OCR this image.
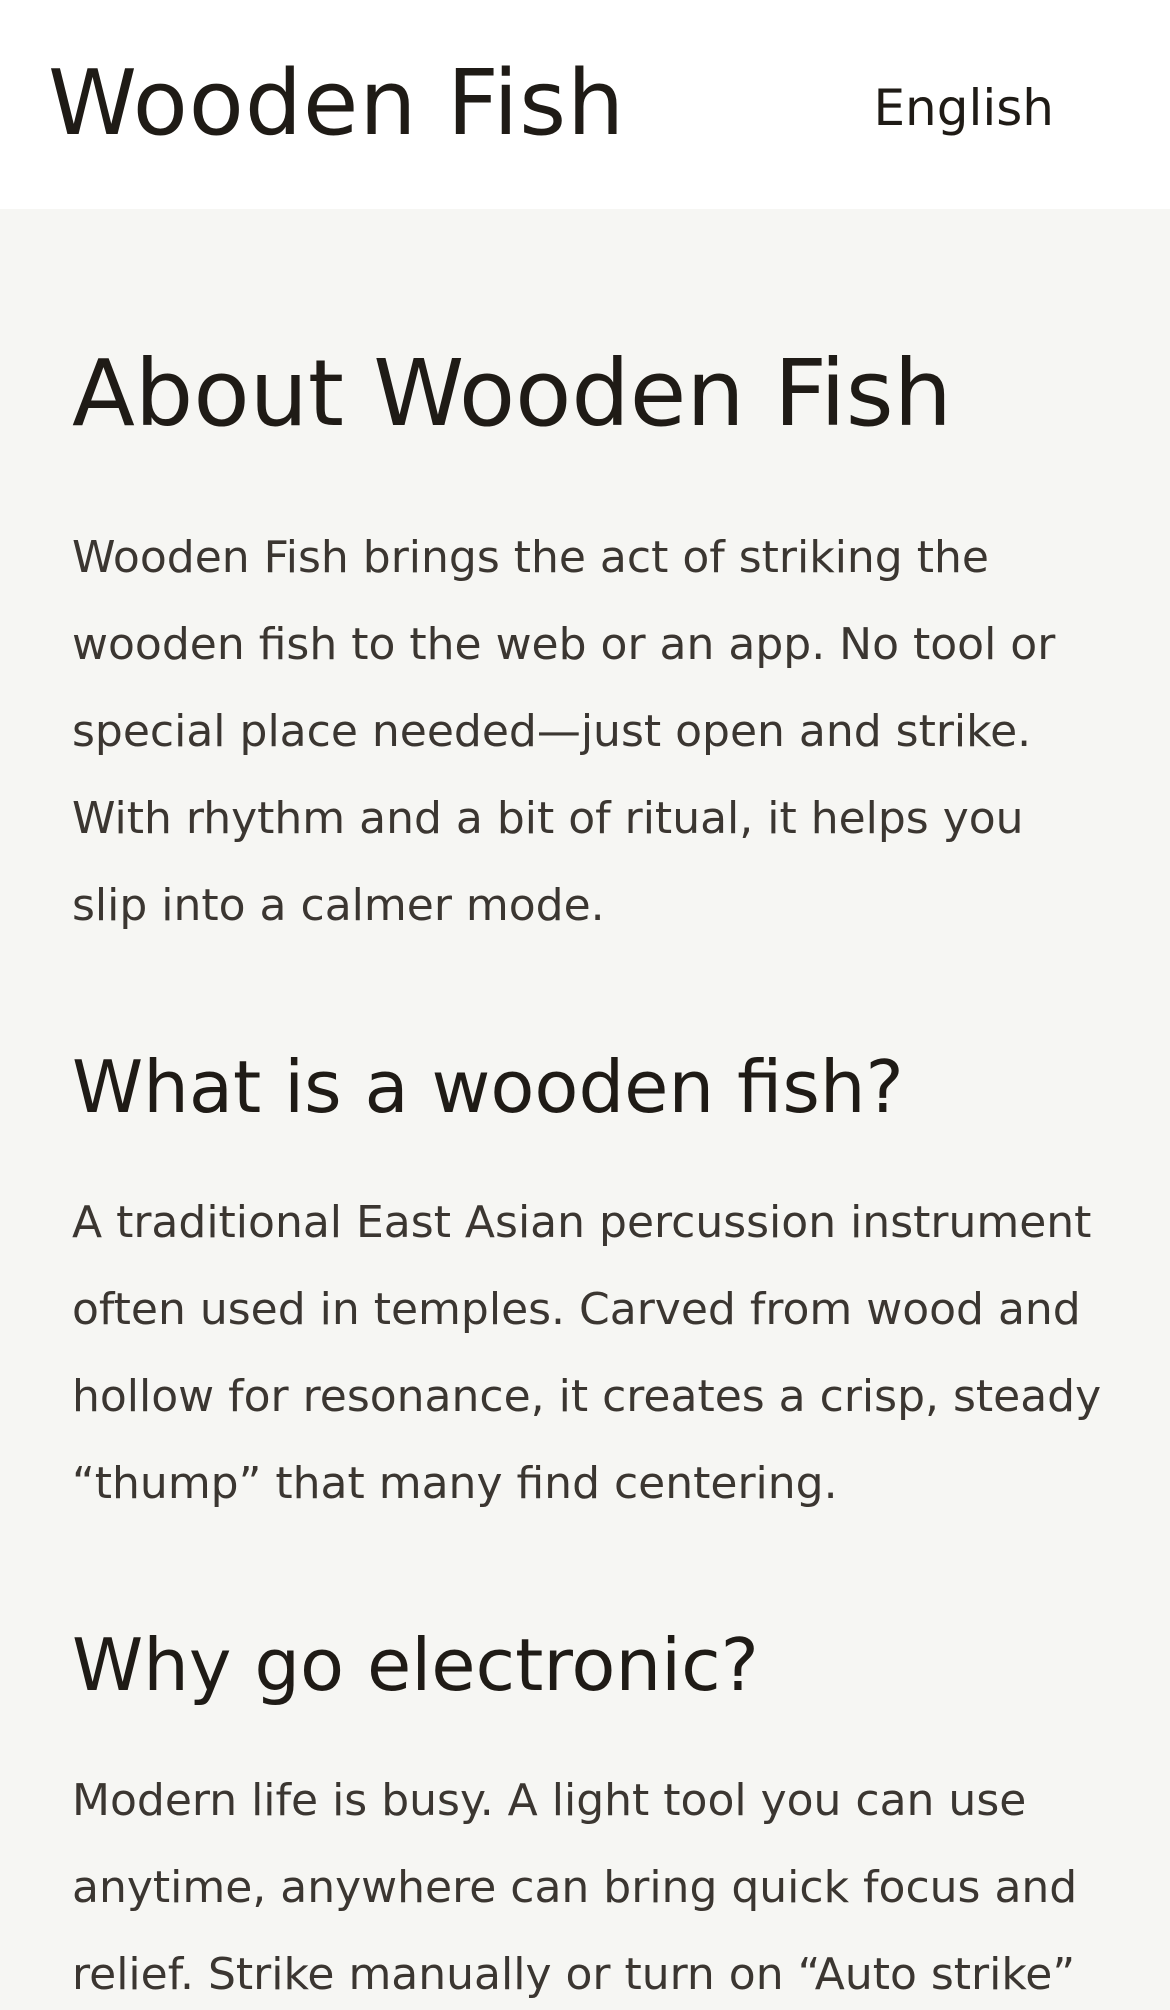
Wooden Fish	English
About Wooden Fish

Wooden Fish brings the act of striking the wooden fish to the web or an app. No tool or special place needed—just open and strike. With rhythm and a bit of ritual, it helps you slip into a calmer mode.

What is a wooden fish?

A traditional East Asian percussion instrument often used in temples. Carved from wood and hollow for resonance, it creates a crisp, steady “thump” that many find centering.

Why go electronic?

Modern life is busy. A light tool you can use anytime, anywhere can bring quick focus and relief. Strike manually or turn on “Auto strike”
